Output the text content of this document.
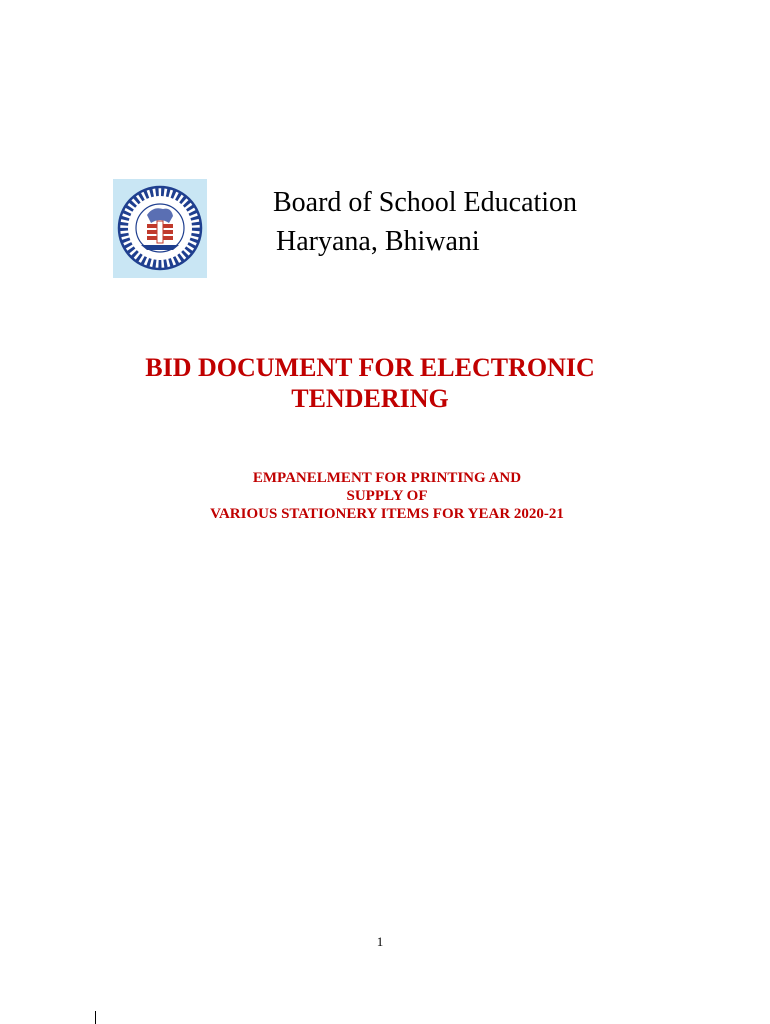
Board of School Education
Haryana, Bhiwani
BID DOCUMENT FOR ELECTRONIC
TENDERING
EMPANELMENT FOR PRINTING AND
SUPPLY OF
VARIOUS STATIONERY ITEMS FOR YEAR 2020-21
1
